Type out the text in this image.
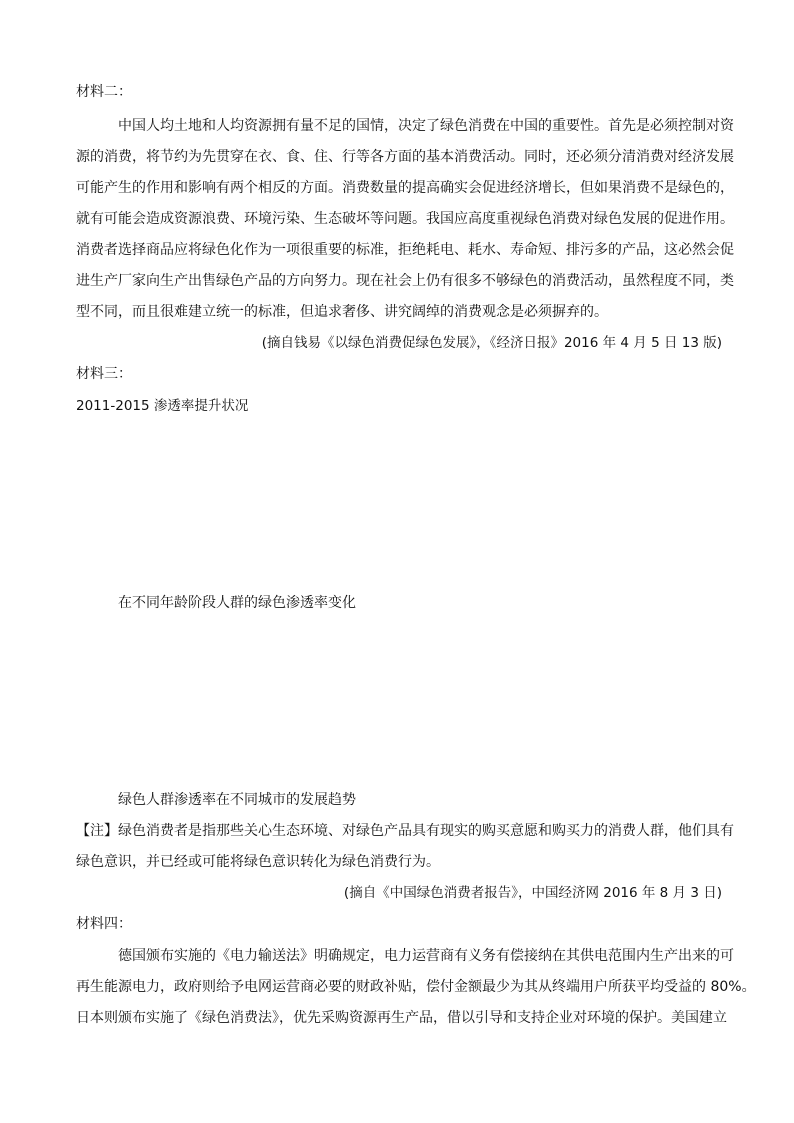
材料二：
中国人均土地和人均资源拥有量不足的国情，决定了绿色消费在中国的重要性。首先是必须控制对资
源的消费，将节约为先贯穿在衣、食、住、行等各方面的基本消费活动。同时，还必须分清消费对经济发展
可能产生的作用和影响有两个相反的方面。消费数量的提高确实会促进经济增长，但如果消费不是绿色的，
就有可能会造成资源浪费、环境污染、生态破坏等问题。我国应高度重视绿色消费对绿色发展的促进作用。
消费者选择商品应将绿色化作为一项很重要的标准，拒绝耗电、耗水、寿命短、排污多的产品，这必然会促
进生产厂家向生产出售绿色产品的方向努力。现在社会上仍有很多不够绿色的消费活动，虽然程度不同，类
型不同，而且很难建立统一的标准，但追求奢侈、讲究阔绰的消费观念是必须摒弃的。
(摘自钱易《以绿色消费促绿色发展》，《经济日报》2016 年 4 月 5 日 13 版)
材料三：
2011-2015 渗透率提升状况
在不同年龄阶段人群的绿色渗透率变化
绿色人群渗透率在不同城市的发展趋势
【注】绿色消费者是指那些关心生态环境、对绿色产品具有现实的购买意愿和购买力的消费人群，他们具有
绿色意识，并已经或可能将绿色意识转化为绿色消费行为。
(摘自《中国绿色消费者报告》，中国经济网 2016 年 8 月 3 日)
材料四：
德国颁布实施的《电力输送法》明确规定，电力运营商有义务有偿接纳在其供电范围内生产出来的可
再生能源电力，政府则给予电网运营商必要的财政补贴，偿付金额最少为其从终端用户所获平均受益的 80%。
日本则颁布实施了《绿色消费法》，优先采购资源再生产品，借以引导和支持企业对环境的保护。美国建立
